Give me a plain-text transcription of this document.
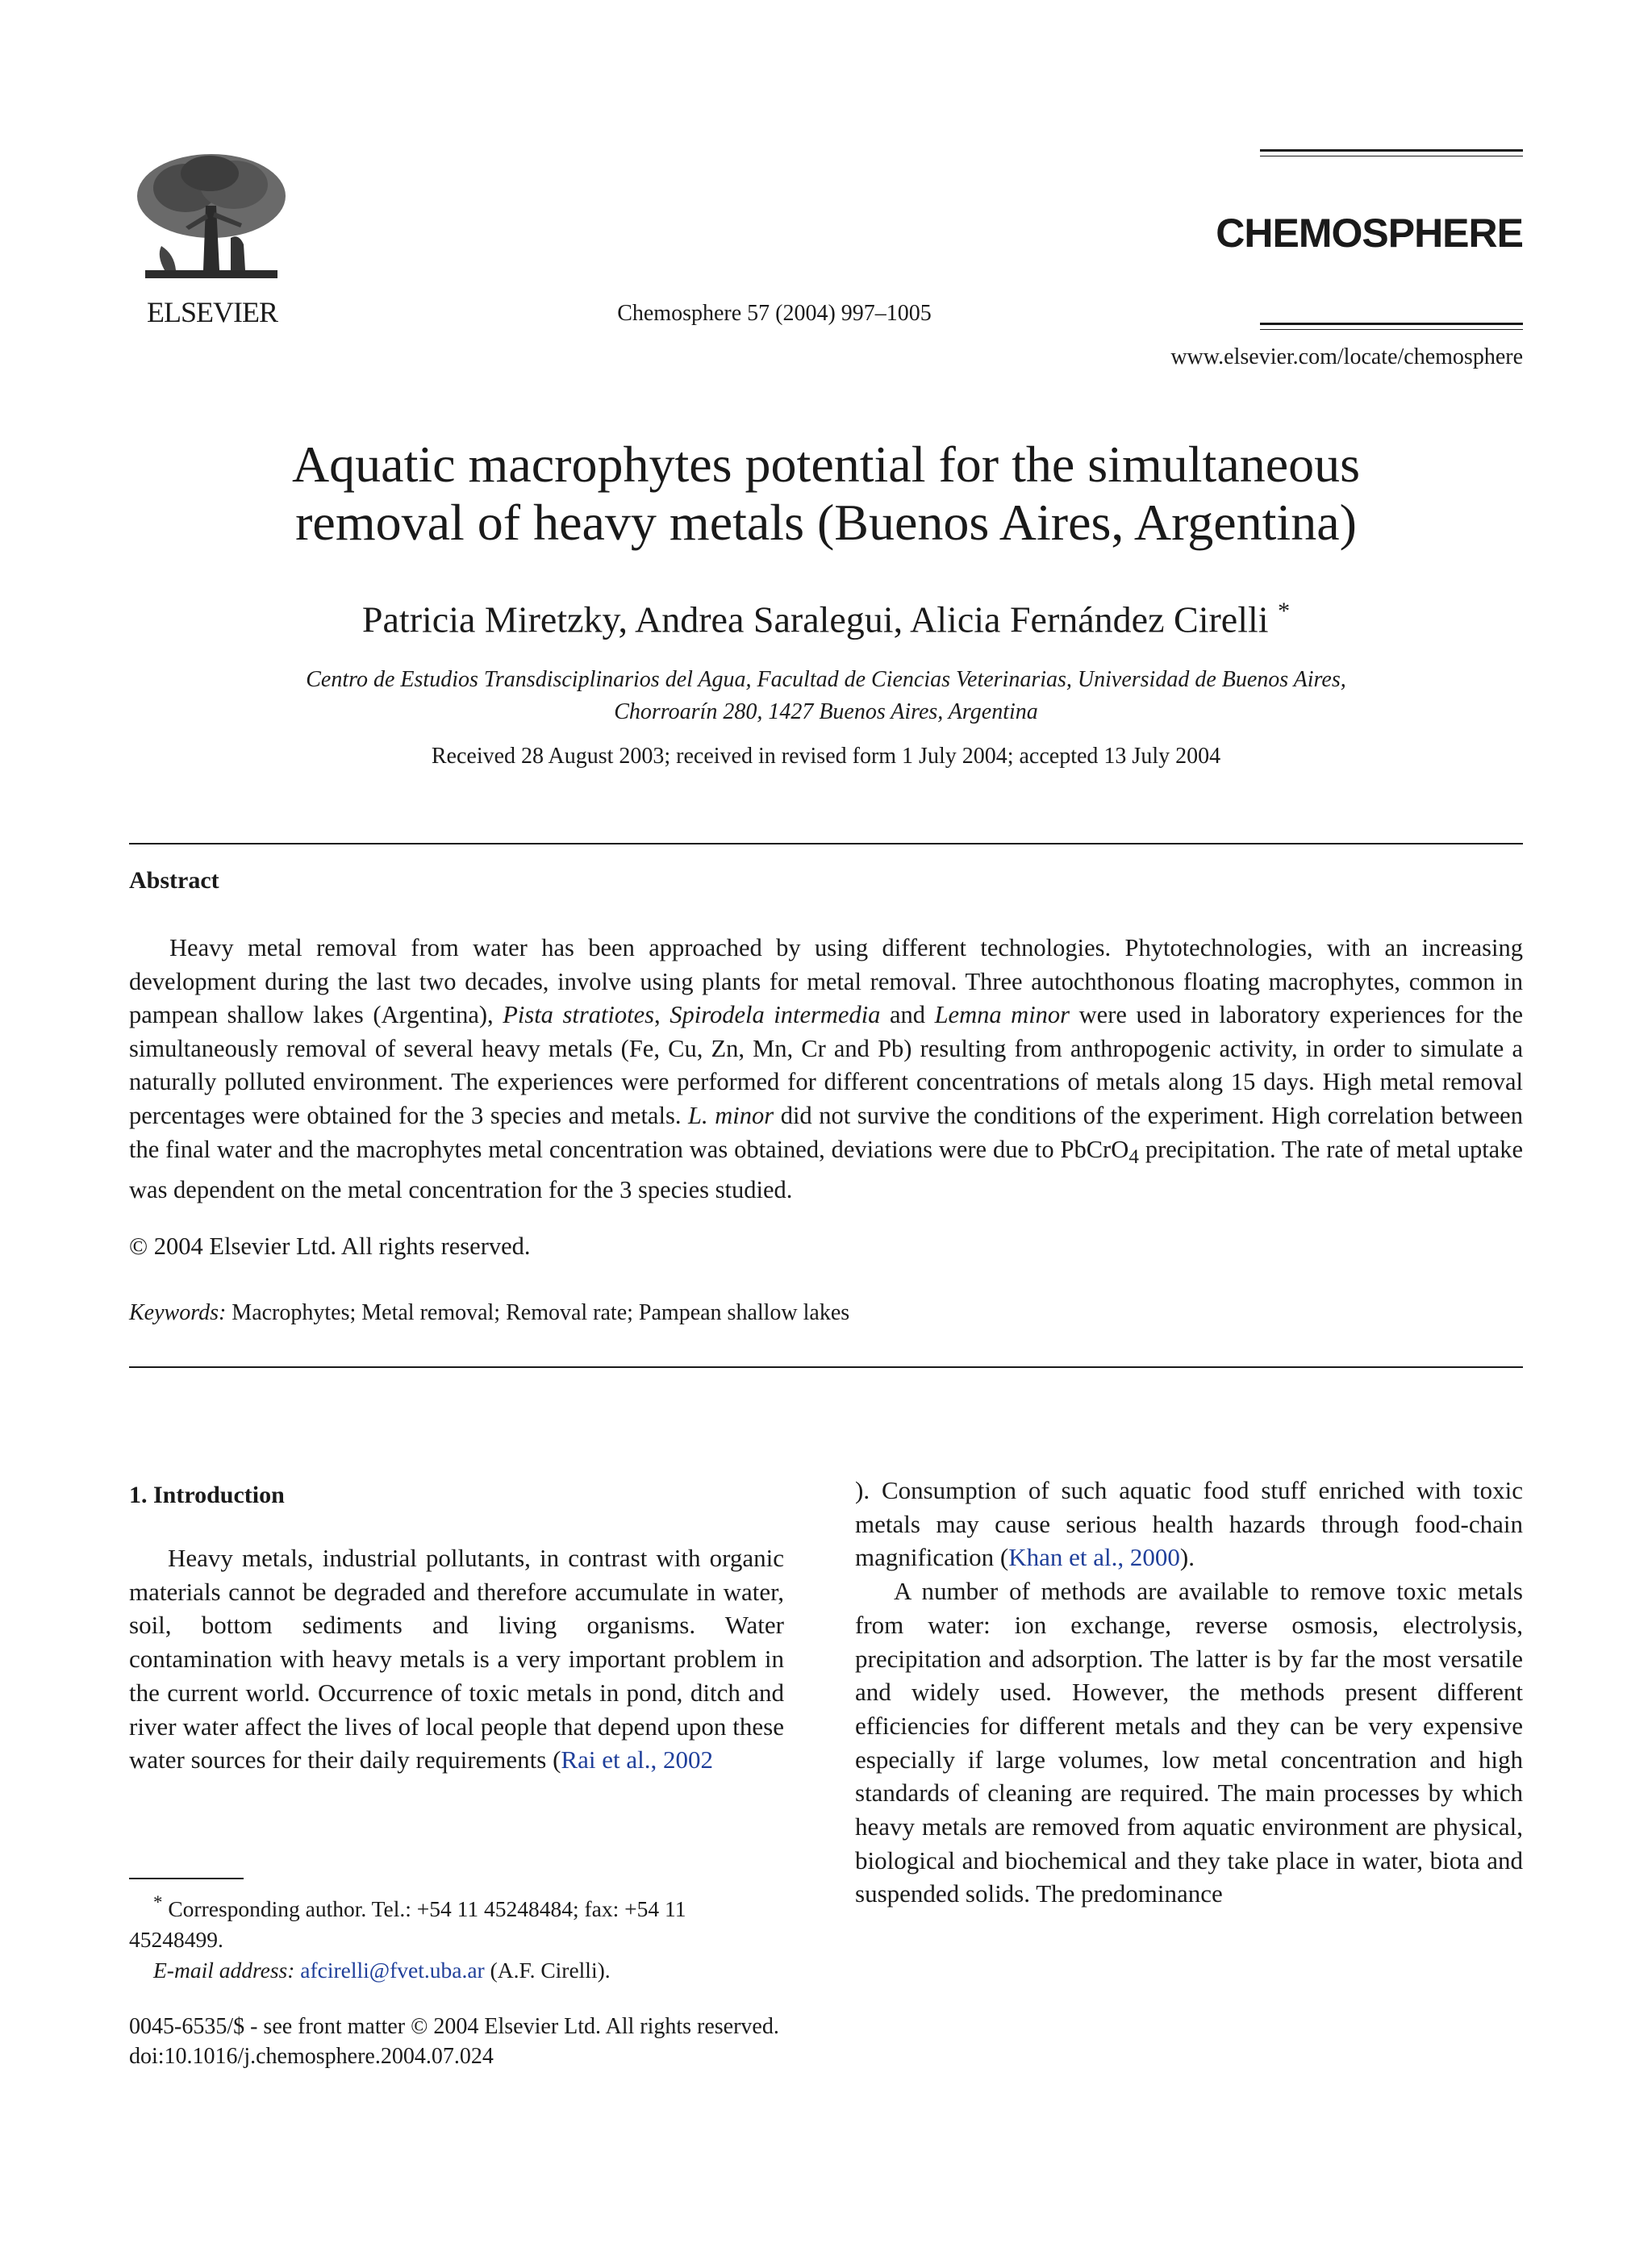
ELSEVIER	Chemosphere 57 (2004) 997–1005
CHEMOSPHERE
www.elsevier.com/locate/chemosphere
Aquatic macrophytes potential for the simultaneous
removal of heavy metals (Buenos Aires, Argentina)
Patricia Miretzky, Andrea Saralegui, Alicia Fernández Cirelli *
Centro de Estudios Transdisciplinarios del Agua, Facultad de Ciencias Veterinarias, Universidad de Buenos Aires,
Chorroarín 280, 1427 Buenos Aires, Argentina
Received 28 August 2003; received in revised form 1 July 2004; accepted 13 July 2004
Abstract

Heavy metal removal from water has been approached by using different technologies. Phytotechnologies, with an increasing development during the last two decades, involve using plants for metal removal. Three autochthonous floating macrophytes, common in pampean shallow lakes (Argentina), Pista stratiotes, Spirodela intermedia and Lemna minor were used in laboratory experiences for the simultaneously removal of several heavy metals (Fe, Cu, Zn, Mn, Cr and Pb) resulting from anthropogenic activity, in order to simulate a naturally polluted environment. The experiences were performed for different concentrations of metals along 15 days. High metal removal percentages were obtained for the 3 species and metals. L. minor did not survive the conditions of the experiment. High correlation between the final water and the macrophytes metal concentration was obtained, deviations were due to PbCrO$_4$ precipitation. The rate of metal uptake was dependent on the metal concentration for the 3 species studied.

© 2004 Elsevier Ltd. All rights reserved.
Keywords: Macrophytes; Metal removal; Removal rate; Pampean shallow lakes
1. Introduction

Heavy metals, industrial pollutants, in contrast with organic materials cannot be degraded and therefore accumulate in water, soil, bottom sediments and living organisms. Water contamination with heavy metals is a very important problem in the current world. Occurrence of toxic metals in pond, ditch and river water affect the lives of local people that depend upon these water sources for their daily requirements (Rai et al., 2002

). Consumption of such aquatic food stuff enriched with toxic metals may cause serious health hazards through food-chain magnification (Khan et al., 2000).

A number of methods are available to remove toxic metals from water: ion exchange, reverse osmosis, electrolysis, precipitation and adsorption. The latter is by far the most versatile and widely used. However, the methods present different efficiencies for different metals and they can be very expensive especially if large volumes, low metal concentration and high standards of cleaning are required. The main processes by which heavy metals are removed from aquatic environment are physical, biological and biochemical and they take place in water, biota and suspended solids. The predominance

* Corresponding author. Tel.: +54 11 45248484; fax: +54 11 45248499.

E-mail address: afcirelli@fvet.uba.ar (A.F. Cirelli).

0045-6535/$ - see front matter © 2004 Elsevier Ltd. All rights reserved.
doi:10.1016/j.chemosphere.2004.07.024
